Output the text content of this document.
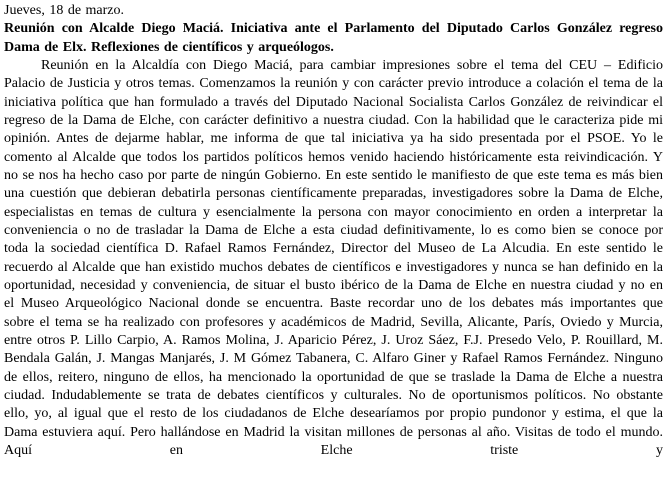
Jueves, 18 de marzo.

Reunión con Alcalde Diego Maciá. Iniciativa ante el Parlamento del Diputado Carlos González regreso Dama de Elx. Reflexiones de científicos y arqueólogos.

Reunión en la Alcaldía con Diego Maciá, para cambiar impresiones sobre el tema del CEU – Edificio Palacio de Justicia y otros temas. Comenzamos la reunión y con carácter previo introduce a colación el tema de la iniciativa política que han formulado a través del Diputado Nacional Socialista Carlos González de reivindicar el regreso de la Dama de Elche, con carácter definitivo a nuestra ciudad. Con la habilidad que le caracteriza pide mi opinión. Antes de dejarme hablar, me informa de que tal iniciativa ya ha sido presentada por el PSOE. Yo le comento al Alcalde que todos los partidos políticos hemos venido haciendo históricamente esta reivindicación. Y no se nos ha hecho caso por parte de ningún Gobierno. En este sentido le manifiesto de que este tema es más bien una cuestión que debieran debatirla personas científicamente preparadas, investigadores sobre la Dama de Elche, especialistas en temas de cultura y esencialmente la persona con mayor conocimiento en orden a interpretar la conveniencia o no de trasladar la Dama de Elche a esta ciudad definitivamente, lo es como bien se conoce por toda la sociedad científica D. Rafael Ramos Fernández, Director del Museo de La Alcudia. En este sentido le recuerdo al Alcalde que han existido muchos debates de científicos e investigadores y nunca se han definido en la oportunidad, necesidad y conveniencia, de situar el busto ibérico de la Dama de Elche en nuestra ciudad y no en el Museo Arqueológico Nacional donde se encuentra. Baste recordar uno de los debates más importantes que sobre el tema se ha realizado con profesores y académicos de Madrid, Sevilla, Alicante, París, Oviedo y Murcia, entre otros P. Lillo Carpio, A. Ramos Molina, J. Aparicio Pérez, J. Uroz Sáez, F.J. Presedo Velo, P. Rouillard, M. Bendala Galán, J. Mangas Manjarés, J. M Gómez Tabanera, C. Alfaro Giner y Rafael Ramos Fernández. Ninguno de ellos, reitero, ninguno de ellos, ha mencionado la oportunidad de que se traslade la Dama de Elche a nuestra ciudad. Indudablemente se trata de debates científicos y culturales. No de oportunismos políticos. No obstante ello, yo, al igual que el resto de los ciudadanos de Elche desearíamos por propio pundonor y estima, el que la Dama estuviera aquí. Pero hallándose en Madrid la visitan millones de personas al año. Visitas de todo el mundo. Aquí en Elche triste y
